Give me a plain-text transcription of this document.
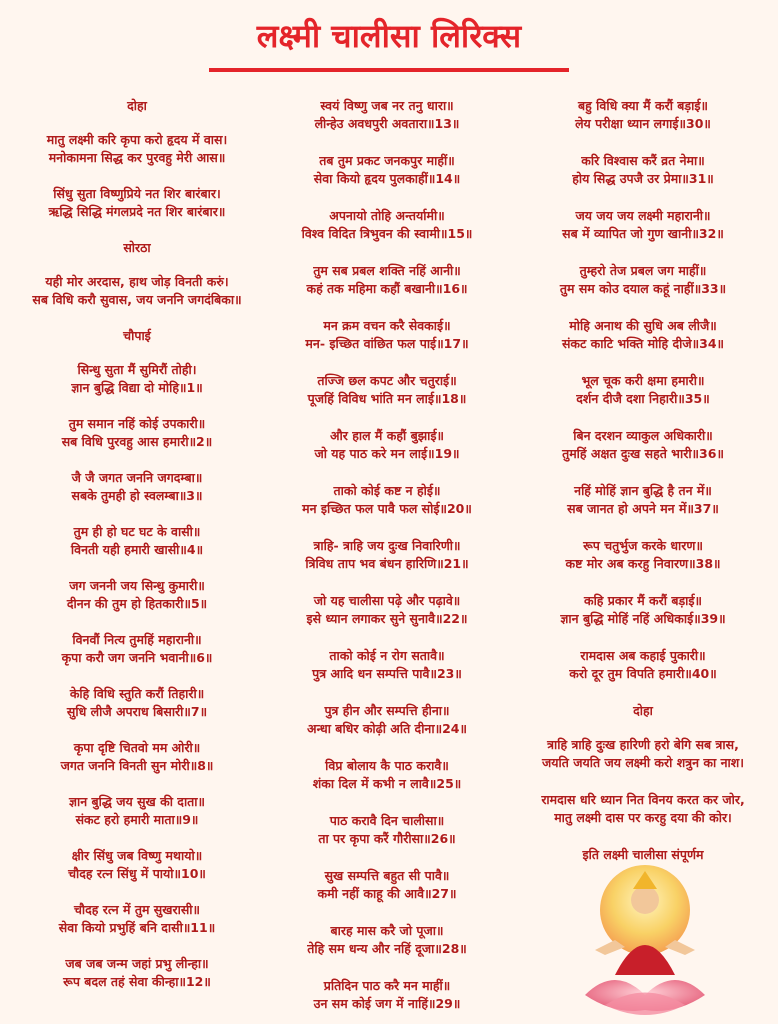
लक्ष्मी चालीसा लिरिक्स
दोहा
मातु लक्ष्मी करि कृपा करो हृदय में वास।
मनोकामना सिद्ध कर पुरवहु मेरी आस॥
सिंधु सुता विष्णुप्रिये नत शिर बारंबार।
ऋद्धि सिद्धि मंगलप्रदे नत शिर बारंबार॥
सोरठा
यही मोर अरदास, हाथ जोड़ विनती करुं।
सब विधि करौ सुवास, जय जननि जगदंबिका॥
चौपाई
सिन्धु सुता मैं सुमिरौं तोही।
ज्ञान बुद्धि विद्या दो मोहि॥1॥
तुम समान नहिं कोई उपकारी॥
सब विधि पुरवहु आस हमारी॥2॥
जै जै जगत जननि जगदम्बा॥
सबके तुमही हो स्वलम्बा॥3॥
तुम ही हो घट घट के वासी॥
विनती यही हमारी खासी॥4॥
जग जननी जय सिन्धु कुमारी॥
दीनन की तुम हो हितकारी॥5॥
विनवौं नित्य तुमहिं महारानी॥
कृपा करौ जग जननि भवानी॥6॥
केहि विधि स्तुति करौं तिहारी॥
सुधि लीजै अपराध बिसारी॥7॥
कृपा दृष्टि चितवो मम ओरी॥
जगत जननि विनती सुन मोरी॥8॥
ज्ञान बुद्धि जय सुख की दाता॥
संकट हरो हमारी माता॥9॥
क्षीर सिंधु जब विष्णु मथायो॥
चौदह रत्न सिंधु में पायो॥10॥
चौदह रत्न में तुम सुखरासी॥
सेवा कियो प्रभुहिं बनि दासी॥11॥
जब जब जन्म जहां प्रभु लीन्हा॥
रूप बदल तहं सेवा कीन्हा॥12॥
स्वयं विष्णु जब नर तनु धारा॥
लीन्हेउ अवधपुरी अवतारा॥13॥
तब तुम प्रकट जनकपुर माहीं॥
सेवा कियो हृदय पुलकाहीं॥14॥
अपनायो तोहि अन्तर्यामी॥
विश्व विदित त्रिभुवन की स्वामी॥15॥
तुम सब प्रबल शक्ति नहिं आनी॥
कहं तक महिमा कहौं बखानी॥16॥
मन क्रम वचन करै सेवकाई॥
मन- इच्छित वांछित फल पाई॥17॥
तज्जि छल कपट और चतुराई॥
पूजहिं विविध भांति मन लाई॥18॥
और हाल मैं कहौं बुझाई॥
जो यह पाठ करे मन लाई॥19॥
ताको कोई कष्ट न होई॥
मन इच्छित फल पावै फल सोई॥20॥
त्राहि- त्राहि जय दुःख निवारिणी॥
त्रिविध ताप भव बंधन हारिणि॥21॥
जो यह चालीसा पढ़े और पढ़ावे॥
इसे ध्यान लगाकर सुने सुनावै॥22॥
ताको कोई न रोग सतावै॥
पुत्र आदि धन सम्पत्ति पावै॥23॥
पुत्र हीन और सम्पत्ति हीना॥
अन्धा बधिर कोढ़ी अति दीना॥24॥
विप्र बोलाय कै पाठ करावै॥
शंका दिल में कभी न लावै॥25॥
पाठ करावै दिन चालीसा॥
ता पर कृपा करैं गौरीसा॥26॥
सुख सम्पत्ति बहुत सी पावै॥
कमी नहीं काहू की आवै॥27॥
बारह मास करै जो पूजा॥
तेहि सम धन्य और नहिं दूजा॥28॥
प्रतिदिन पाठ करै मन माहीं॥
उन सम कोई जग में नाहिं॥29॥
बहु विधि क्या मैं करौं बड़ाई॥
लेय परीक्षा ध्यान लगाई॥30॥
करि विश्वास करैं व्रत नेमा॥
होय सिद्ध उपजै उर प्रेमा॥31॥
जय जय जय लक्ष्मी महारानी॥
सब में व्यापित जो गुण खानी॥32॥
तुम्हरो तेज प्रबल जग माहीं॥
तुम सम कोउ दयाल कहूं नाहीं॥33॥
मोहि अनाथ की सुधि अब लीजै॥
संकट काटि भक्ति मोहि दीजे॥34॥
भूल चूक करी क्षमा हमारी॥
दर्शन दीजै दशा निहारी॥35॥
बिन दरशन व्याकुल अधिकारी॥
तुमहिं अक्षत दुःख सहते भारी॥36॥
नहिं मोहिं ज्ञान बुद्धि है तन में॥
सब जानत हो अपने मन में॥37॥
रूप चतुर्भुज करके धारण॥
कष्ट मोर अब करहु निवारण॥38॥
कहि प्रकार मैं करौं बड़ाई॥
ज्ञान बुद्धि मोहिं नहिं अधिकाई॥39॥
रामदास अब कहाई पुकारी॥
करो दूर तुम विपति हमारी॥40॥
दोहा
त्राहि त्राहि दुःख हारिणी हरो बेगि सब त्रास,
जयति जयति जय लक्ष्मी करो शत्रुन का नाश।
रामदास धरि ध्यान नित विनय करत कर जोर,
मातु लक्ष्मी दास पर करहु दया की कोर।
इति लक्ष्मी चालीसा संपूर्णम
